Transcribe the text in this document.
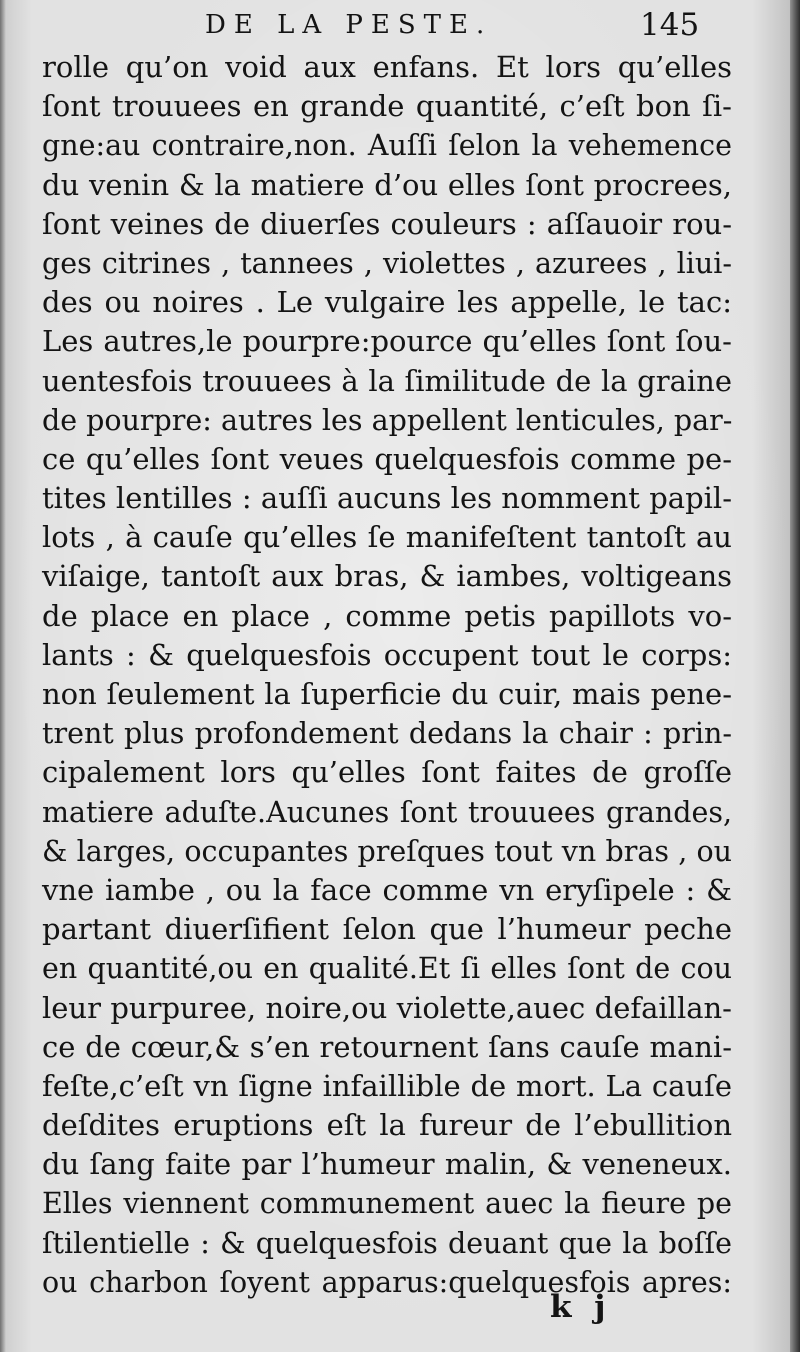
DE LA PESTE.	145
rolle qu’on void aux enfans. Et lors qu’elles
ſont trouuees en grande quantité, c’eſt bon ſi-
gne:au contraire,non. Auſſi ſelon la vehemence
du venin & la matiere d’ou elles ſont procrees,
ſont veines de diuerſes couleurs : aſſauoir rou-
ges citrines , tannees , violettes , azurees , liui-
des ou noires . Le vulgaire les appelle, le tac:
Les autres,le pourpre:pource qu’elles ſont ſou-
uentesfois trouuees à la ſimilitude de la graine
de pourpre: autres les appellent lenticules, par-
ce qu’elles ſont veues quelquesfois comme pe-
tites lentilles : auſſi aucuns les nomment papil-
lots , à cauſe qu’elles ſe manifeſtent tantoſt au
viſaige, tantoſt aux bras, & iambes, voltigeans
de place en place , comme petis papillots vo-
lants : & quelquesfois occupent tout le corps:
non ſeulement la ſuperficie du cuir, mais pene-
trent plus profondement dedans la chair : prin-
cipalement lors qu’elles ſont faites de groſſe
matiere aduſte.Aucunes ſont trouuees grandes,
& larges, occupantes preſques tout vn bras , ou
vne iambe , ou la face comme vn eryſipele : &
partant diuerſifient ſelon que l’humeur peche
en quantité,ou en qualité.Et ſi elles ſont de cou
leur purpuree, noire,ou violette,auec defaillan-
ce de cœur,& s’en retournent ſans cauſe mani-
feſte,c’eſt vn ſigne infaillible de mort. La cauſe
deſdites eruptions eſt la fureur de l’ebullition
du ſang faite par l’humeur malin, & veneneux.
Elles viennent communement auec la fieure pe
ſtilentielle : & quelquesfois deuant que la boſſe
ou charbon ſoyent apparus:quelquesfois apres:
k j
